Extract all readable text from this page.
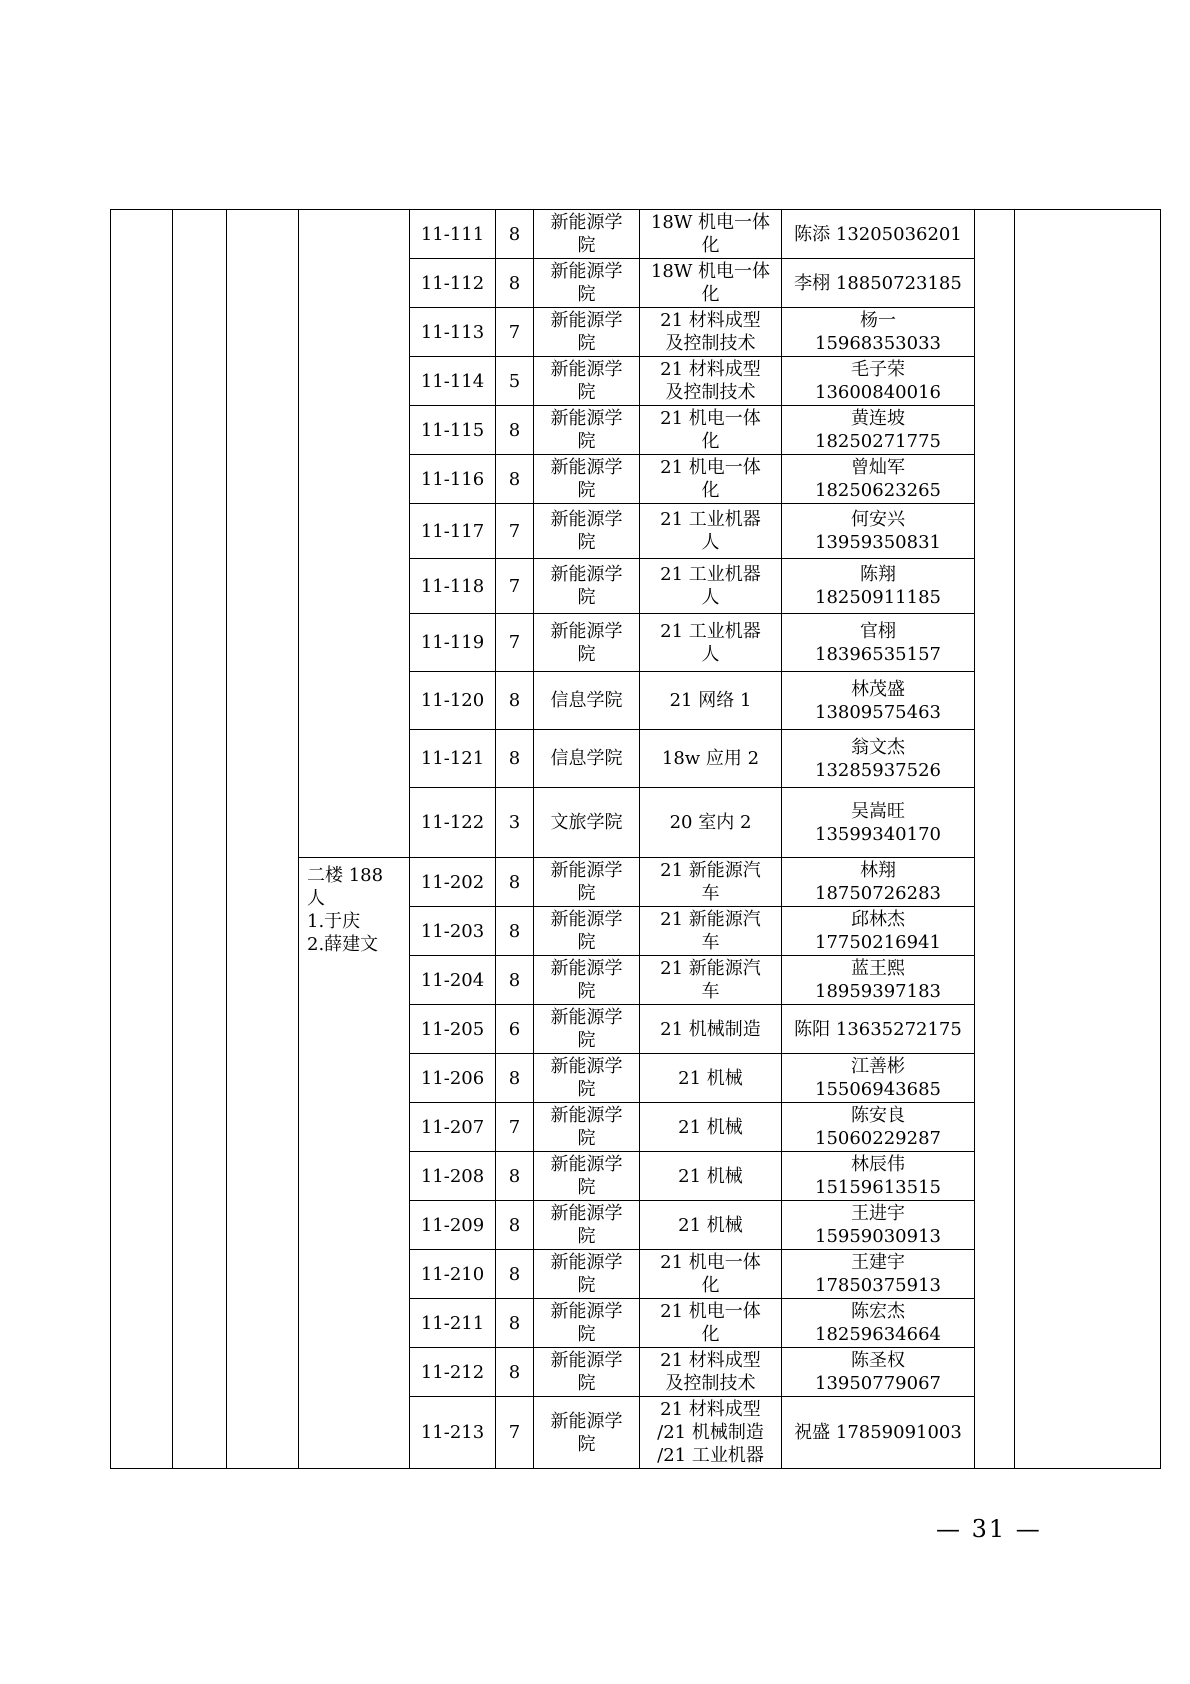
				11-111	8	新能源学
院	18W 机电一体
化	陈添 13205036201		
				11-112	8	新能源学
院	18W 机电一体
化	李栩 18850723185		
				11-113	7	新能源学
院	21 材料成型
及控制技术	杨一
15968353033		
				11-114	5	新能源学
院	21 材料成型
及控制技术	毛子荣
13600840016		
				11-115	8	新能源学
院	21 机电一体
化	黄连坡
18250271775		
				11-116	8	新能源学
院	21 机电一体
化	曾灿军
18250623265		
				11-117	7	新能源学
院	21 工业机器
人	何安兴
13959350831		
				11-118	7	新能源学
院	21 工业机器
人	陈翔
18250911185		
				11-119	7	新能源学
院	21 工业机器
人	官栩
18396535157		
				11-120	8	信息学院	21 网络 1	林茂盛
13809575463		
				11-121	8	信息学院	18w 应用 2	翁文杰
13285937526		
				11-122	3	文旅学院	20 室内 2	吴嵩旺
13599340170		
			二楼 188
人
1.于庆
2.薛建文	11-202	8	新能源学
院	21 新能源汽
车	林翔
18750726283		
				11-203	8	新能源学
院	21 新能源汽
车	邱林杰
17750216941		
				11-204	8	新能源学
院	21 新能源汽
车	蓝王熙
18959397183		
				11-205	6	新能源学
院	21 机械制造	陈阳 13635272175		
				11-206	8	新能源学
院	21 机械	江善彬
15506943685		
				11-207	7	新能源学
院	21 机械	陈安良
15060229287		
				11-208	8	新能源学
院	21 机械	林辰伟
15159613515		
				11-209	8	新能源学
院	21 机械	王进宇
15959030913		
				11-210	8	新能源学
院	21 机电一体
化	王建宇
17850375913		
				11-211	8	新能源学
院	21 机电一体
化	陈宏杰
18259634664		
				11-212	8	新能源学
院	21 材料成型
及控制技术	陈圣权
13950779067		
				11-213	7	新能源学
院	21 材料成型
/21 机械制造
/21 工业机器	祝盛 17859091003		
— 31 —
